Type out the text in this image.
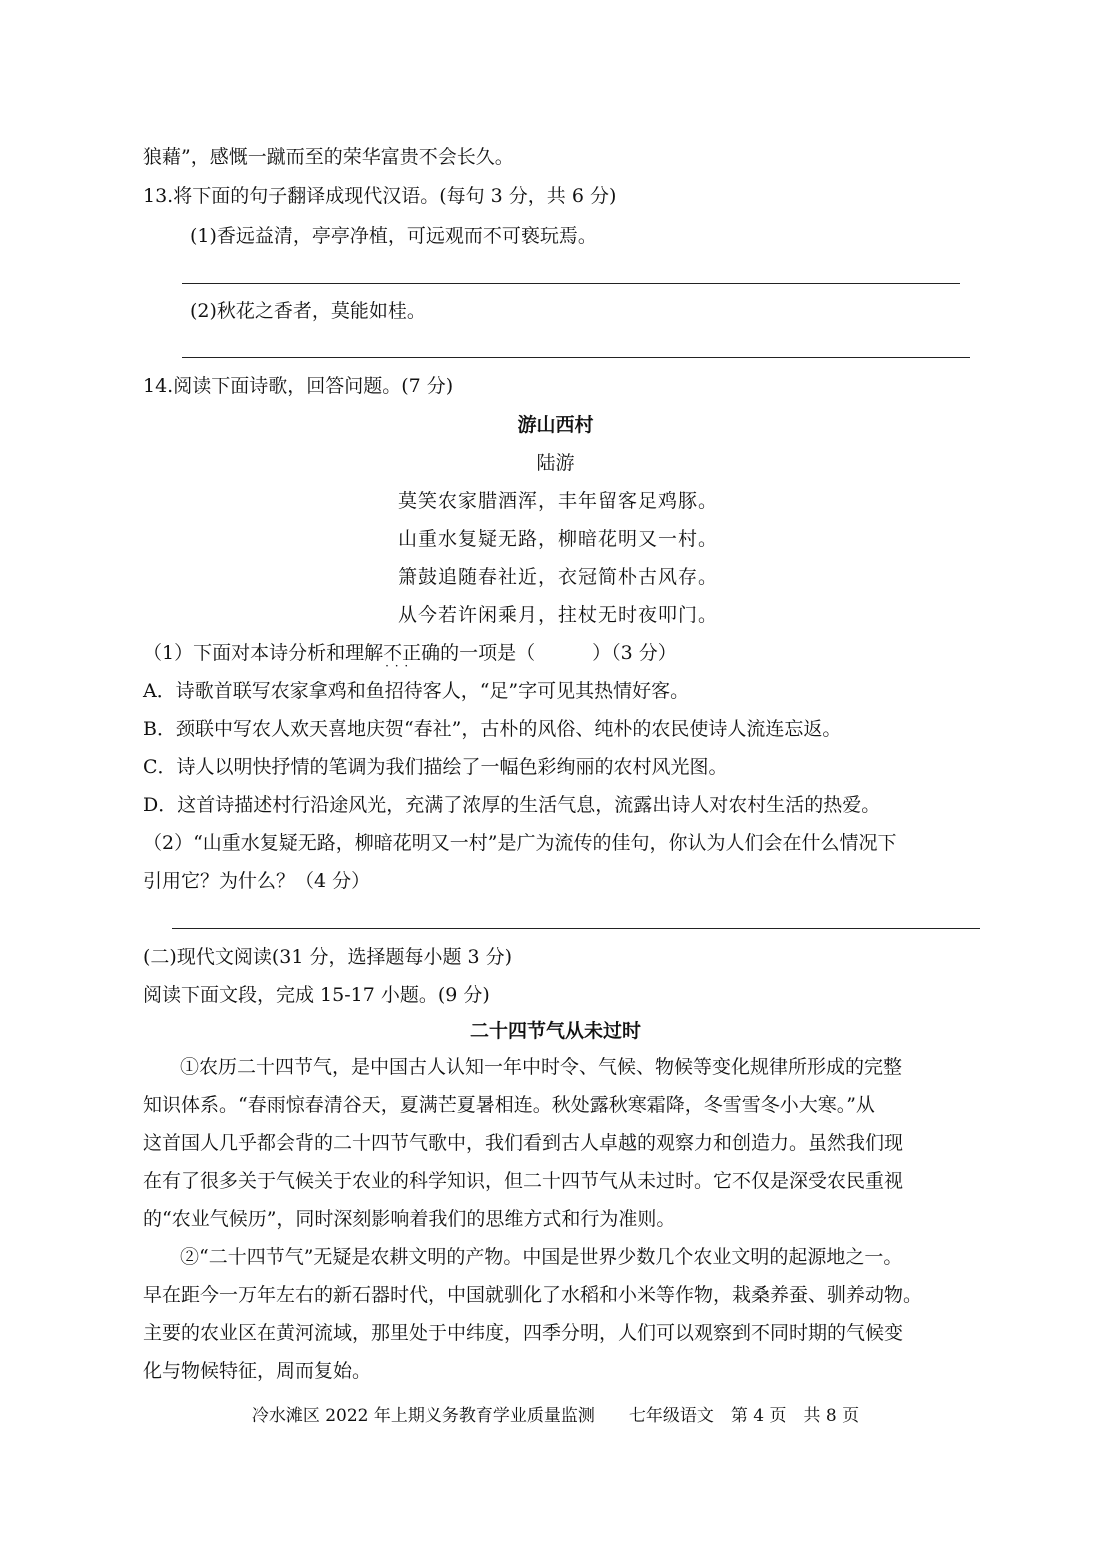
狼藉”，感慨一蹴而至的荣华富贵不会长久。
13.将下面的句子翻译成现代汉语。(每句 3 分，共 6 分)
(1)香远益清，亭亭净植，可远观而不可亵玩焉。
(2)秋花之香者，莫能如桂。
14.阅读下面诗歌，回答问题。(7 分)
游山西村
陆游
莫笑农家腊酒浑，丰年留客足鸡豚。
山重水复疑无路，柳暗花明又一村。
箫鼓追随春社近，衣冠简朴古风存。
从今若许闲乘月，拄杖无时夜叩门。
（1）下面对本诗分析和理解不正确 · · ·的一项是（　　　）（3 分）
A．诗歌首联写农家拿鸡和鱼招待客人，“足”字可见其热情好客。
B．颈联中写农人欢天喜地庆贺“春社”，古朴的风俗、纯朴的农民使诗人流连忘返。
C．诗人以明快抒情的笔调为我们描绘了一幅色彩绚丽的农村风光图。
D．这首诗描述村行沿途风光，充满了浓厚的生活气息，流露出诗人对农村生活的热爱。
（2）“山重水复疑无路，柳暗花明又一村”是广为流传的佳句，你认为人们会在什么情况下
引用它？为什么？（4 分）
(二)现代文阅读(31 分，选择题每小题 3 分)
阅读下面文段，完成 15-17 小题。(9 分)
二十四节气从未过时
①农历二十四节气，是中国古人认知一年中时令、气候、物候等变化规律所形成的完整
知识体系。“春雨惊春清谷天，夏满芒夏暑相连。秋处露秋寒霜降，冬雪雪冬小大寒。”从
这首国人几乎都会背的二十四节气歌中，我们看到古人卓越的观察力和创造力。虽然我们现
在有了很多关于气候关于农业的科学知识，但二十四节气从未过时。它不仅是深受农民重视
的“农业气候历”，同时深刻影响着我们的思维方式和行为准则。
②“二十四节气”无疑是农耕文明的产物。中国是世界少数几个农业文明的起源地之一。
早在距今一万年左右的新石器时代，中国就驯化了水稻和小米等作物，栽桑养蚕、驯养动物。
主要的农业区在黄河流域，那里处于中纬度，四季分明，人们可以观察到不同时期的气候变
化与物候特征，周而复始。
冷水滩区 2022 年上期义务教育学业质量监测　　七年级语文　第 4 页　共 8 页
